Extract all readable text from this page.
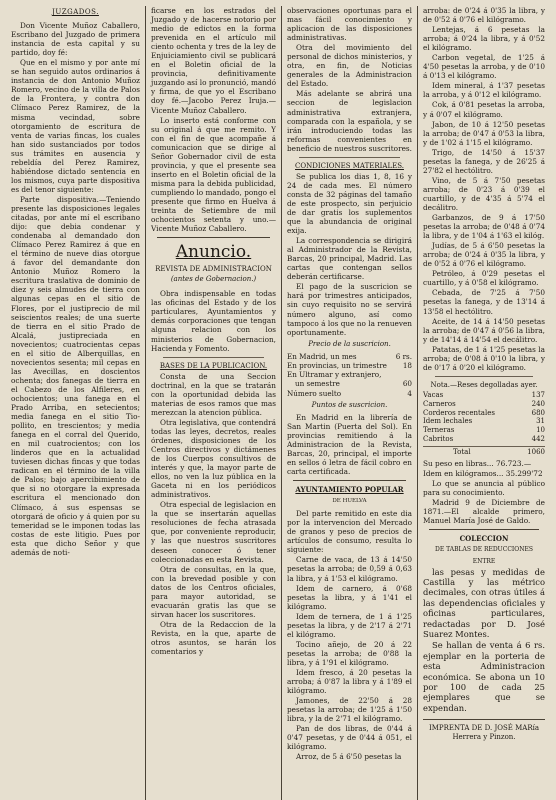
JUZGADOS.

Don Vicente Muñoz Caballero, Escribano del Juzgado de primera instancia de esta capital y su partido, doy fé:

Que en el mismo y por ante mí se han seguido autos ordinarios á instancia de don Antonio Muñoz Romero, vecino de la villa de Palos de la Frontera, y contra don Clímaco Perez Ramirez, de la misma vecindad, sobre otorgamiento de escritura de venta de varias fincas, los cuales han sido sustanciados por todos sus trámites en ausencia y rebeldía del Perez Ramirez, habiéndose dictado sentencia en los mismos, cuya parte dispositiva es del tenor siguiente:

Parte dispositiva.—Teniendo presente las disposiciones legales citadas, por ante mí el escribano dijo: que debia condenar y condenaba al demandado don Clímaco Perez Ramirez á que en el término de nueve dias otorgue á favor del demandante don Antonio Muñoz Romero la escritura traslativa de dominio de diez y seis almudes de tierra con algunas cepas en el sitio de Flores, por el justiprecio de mil seiscientos reales; de una suerte de tierra en el sitio Prado de Alcalá, justipreciada en novecientos; cuatrocientas cepas en el sitio de Alberquillas, en novecientos sesenta; mil cepas en las Avecillas, en doscientos ochenta; dos fanegas de tierra en el Cabezo de los Alfileres, en ochocientos; una fanega en el Prado Arriba, en setecientos; media fanega en el sitio Tio-pollito, en trescientos; y media fanega en el corral del Querido, en mil cuatrocientos; con los linderos que en la actualidad tuviesen dichas fincas y que todas radican en el término de la villa de Palos; bajo apercibimiento de que si no otorgare la expresada escritura el mencionado don Clímaco, á sus espensas se otorgará de oficio y á quien por su temeridad se le imponen todas las costas de este litigio. Pues por esta que dicho Señor y que además de noti-

ficarse en los estrados del Juzgado y de hacerse notorio por medio de edictos en la forma prevenida en el artículo mil ciento ochenta y tres de la ley de Enjuiciamiento civil se publicará en el Boletin oficial de la provincia, definitivamente juzgando así lo pronunció, mandó y firma, de que yo el Escribano doy fé.—Jacobo Perez Iruja.—Vicente Muñoz Caballero.

Lo inserto está conforme con su original á que me remito. Y con el fin de que acompañe á comunicacion que se dirige al Señor Gobernador civil de esta provincia, y que el presente sea inserto en el Boletin oficial de la misma para la debida publicidad, cumpliendo lo mandado, pongo el presente que firmo en Huelva á treinta de Setiembre de mil ochocientos setenta y uno.—Vicente Muñoz Caballero.

Anuncio.
REVISTA DE ADMINISTRACION
(antes de Gobernacion.)

Obra indispensable en todas las oficinas del Estado y de los particulares, Ayuntamientos y demás corporaciones que tengan alguna relacion con los ministerios de Gobernacion, Hacienda y Fomento.

BASES DE LA PUBLICACION.

Consta de una Seccion doctrinal, en la que se tratarán con la oportunidad debida las materias de esos ramos que mas merezcan la atencion pública.

Otra legislativa, que contendrá todas las leyes, decretos, reales órdenes, disposiciones de los Centros directivos y dictámenes de los Cuerpos consultivos de interés y que, la mayor parte de ellos, no ven la luz pública en la Gaceta ni en los periódicos administrativos.

Otra especial de legislacion en la que se insertarán aquellas resoluciones de fecha atrasada que, por conveniente reproducir, y las que nuestros suscritores deseen conocer ó tener coleccionadas en esta Revista.

Otra de consultas, en la que, con la brevedad posible y con datos de los Centros oficiales, para mayor autoridad, se evacuarán gratis las que se sirvan hacer los suscritores.

Otra de la Redaccion de la Revista, en la que, aparte de otros asuntos, se harán los comentarios y

observaciones oportunas para el mas fácil conocimiento y aplicacion de las disposiciones administrativas.

Otra del movimiento del personal de dichos ministerios, y otra, en fin, de Noticias generales de la Administracion del Estado.

Más adelante se abrirá una seccion de legislacion administrativa extranjera, comparada con la española, y se irán introduciendo todas las reformas convenientes en beneficio de nuestros suscritores.

CONDICIONES MATERIALES.

Se publica los dias 1, 8, 16 y 24 de cada mes. El número consta de 32 páginas del tamaño de este prospecto, sin perjuicio de dar gratis los suplementos que la abundancia de original exija.

La correspondencia se dirigirá al Administrador de la Revista, Barcas, 20 principal, Madrid. Las cartas que contengan sellos deberán certificarse.

El pago de la suscricion se hará por trimestres anticipados, sin cuyo requisito no se servirá número alguno, así como tampoco á los que no la renueven oportunamente.

Precio de la suscricion.
En Madrid, un mes	6 rs.
En provincias, un trimestre	18
En Ultramar y extranjero,
un semestre	60
Número suelto	4
Puntos de suscricion.

En Madrid en la librería de San Martin (Puerta del Sol). En provincias remitiendo á la Administracion de la Revista, Barcas, 20, principal, el importe en sellos ó letra de fácil cobro en carta certificada.

AYUNTAMIENTO POPULAR
DE HUELVA

Del parte remitido en este dia por la intervencion del Mercado de granos y peso de precios de artículos de consumo, resulta lo siguiente:

Carne de vaca, de 13 á 14'50 pesetas la arroba; de 0,59 á 0,63 la libra, y á 1'53 el kilógramo.

Idem de carnero, á 0'68 pesetas la libra, y á 1'41 el kilógramo.

Idem de ternera, de 1 á 1'25 pesetas la libra, y de 2'17 á 2'71 el kilógramo.

Tocino añejo, de 20 á 22 pesetas la arroba; de 0'88 la libra, y á 1'91 el kilógramo.

Idem fresco, á 20 pesetas la arroba; á 0'87 la libra y á 1'89 el kilógramo.

Jamones, de 22'50 á 28 pesetas la arroba; de 1'25 á 1'50 libra, y la de 2'71 el kilógramo.

Pan de dos libras, de 0'44 á 0'47 pesetas, y de 0'44 á 051, el kilógramo.

Arroz, de 5 á 6'50 pesetas la

arroba: de 0'24 á 0'35 la libra, y de 0'52 á 0'76 el kilógramo.

Lentejas, á 6 pesetas la arroba; á 0'24 la libra, y á 0'52 el kilógramo.

Carbon vegetal, de 1'25 á 4'50 pesetas la arroba, y de 0'10 á 0'13 el kilógramo.

Idem mineral, á 1'37 pesetas la arroba, y á 0'12 el kilógramo.

Cok, á 0'81 pesetas la arroba, y á 0'07 el kilógramo.

Jabon, de 10 á 12'50 pesetas la arroba; de 0'47 á 0'53 la libra, y de 1'02 á 1'15 el kilógramo.

Trigo, de 14'50 á 15'37 pesetas la fanega, y de 26'25 á 27'82 el hectólitro.

Vino, de 5 á 7'50 pesetas arroba; de 0'23 á 0'39 el cuartillo, y de 4'35 á 5'74 el decálitro.

Garbanzos, de 9 á 17'50 pesetas la arroba; de 0'48 á 0'74 la libra, y de 1'04 á 1'63 el kilóg.

Judías, de 5 á 6'50 pesetas la arroba; de 0'24 á 0'35 la libra, y de 0'52 á 0'76 el kilógramo.

Petróleo, á 0'29 pesetas el cuartillo, y á 0'58 el kilógramo.

Cebada, de 7'25 á 7'50 pesetas la fanega, y de 13'14 á 13'58 el hectólitro.

Aceite, de 14 á 14'50 pesetas la arroba; de 0'47 á 0'56 la libra, y de 14'14 á 14'54 el decálitro.

Patatas, de 1 á 1'25 pesetas la arroba; de 0'08 á 0'10 la libra, y de 0'17 á 0'20 el kilógramo.

Nota.—Reses degolladas ayer.
Vacas	137
Carneros	240
Corderos recentales	680
Idem lechales	31
Terneras	10
Cabritos	442
Total	1060

Su peso en libras... 76.723.—

Idem en kilógramos... 35.299'72

Lo que se anuncia al público para su conocimiento.

Madrid 9 de Diciembre de 1871.—El alcalde primero, Manuel María José de Galdo.

COLECCION
DE TABLAS DE REDUCCIONES
ENTRE

las pesas y medidas de Castilla y las métrico decimales, con otras útiles á las dependencias oficiales y oficinas particulares, redactadas por D. José Suarez Montes.

Se hallan de venta á 6 rs. ejemplar en la porteria de esta Administracion económica. Se abona un 10 por 100 de cada 25 ejemplares que se expendan.

IMPRENTA DE D. JOSÉ MARía Herrera y Pinzon.
